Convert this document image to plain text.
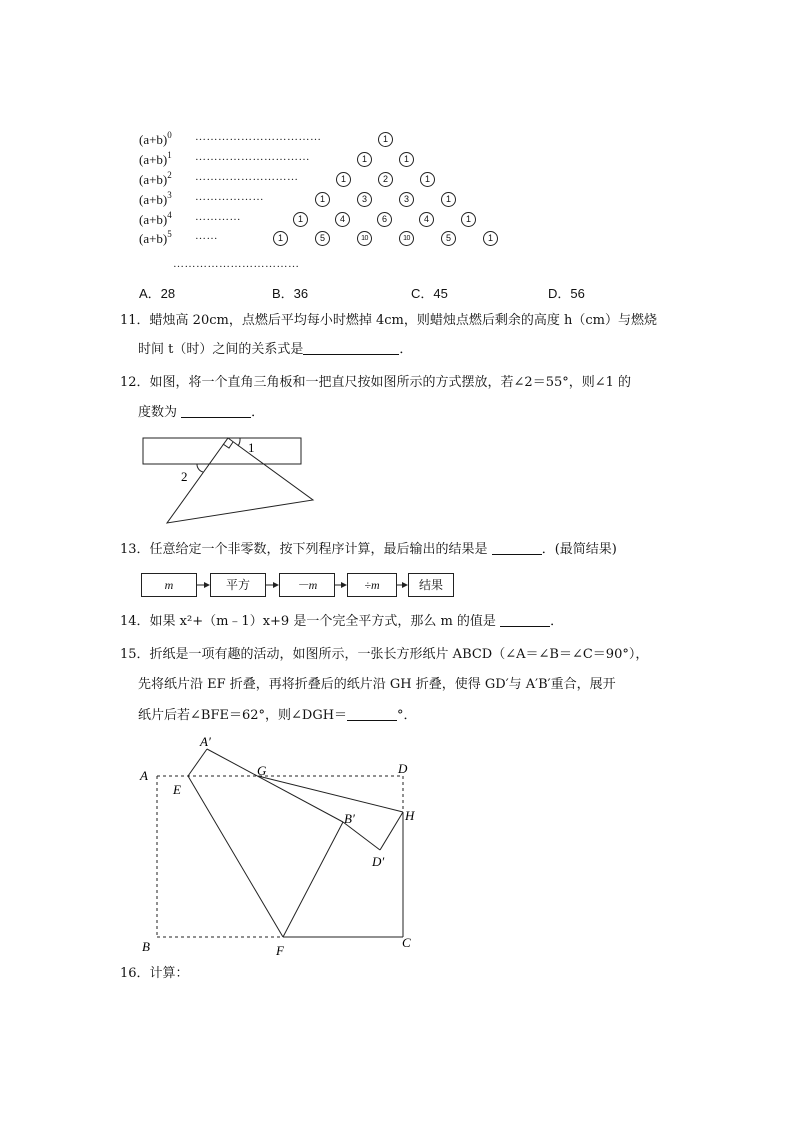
$(a+b)^0$ ……………………………	1
$(a+b)^1$ …………………………	1	1
$(a+b)^2$ ………………………	1	2	1
$(a+b)^3$ ………………	1	3	3	1
$(a+b)^4$ …………	1	4	6	4	1
$(a+b)^5$ ……	1	5	10	10	5	1
……………………………
A．28	B．36	C．45	D．56
11．蜡烛高 20cm，点燃后平均每小时燃掉 4cm，则蜡烛点燃后剩余的高度 h（cm）与燃烧
时间 t（时）之间的关系式是	．
12．如图，将一个直角三角板和一把直尺按如图所示的方式摆放，若∠2＝55°，则∠1 的
度数为	．
1
2
13．任意给定一个非零数，按下列程序计算，最后输出的结果是	．(最简结果)
m	平方	－m	÷m	结果
14．如果 x²+（m﹣1）x+9 是一个完全平方式，那么 m 的值是	．
15．折纸是一项有趣的活动，如图所示，一张长方形纸片 ABCD（∠A＝∠B＝∠C＝90°），
先将纸片沿 EF 折叠，再将折叠后的纸片沿 GH 折叠，使得 GD′与 A′B′重合，展开
纸片后若∠BFE＝62°，则∠DGH＝	°．
A
A′
E
G	D
B′	H
D′
B	F
C
16．计算：
